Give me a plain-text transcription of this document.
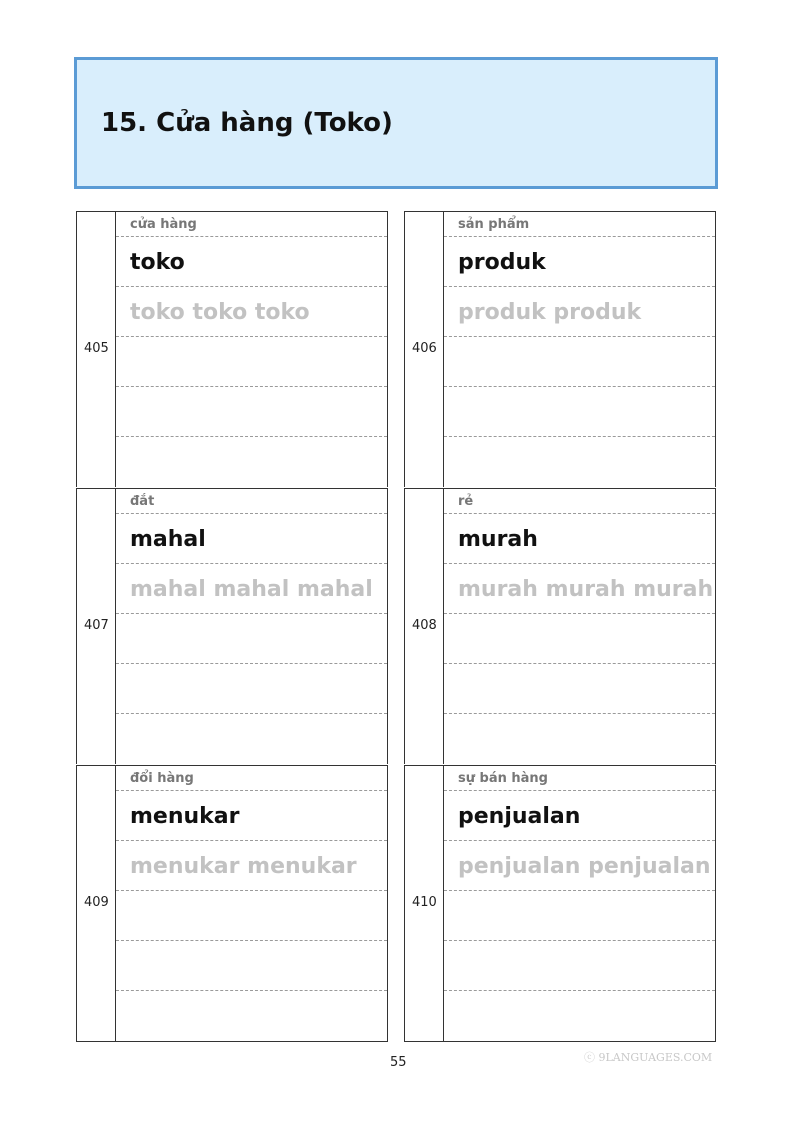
15. Cửa hàng (Toko)
405
cửa hàng
toko
toko toko toko
406
sản phẩm
produk
produk produk
407
đắt
mahal
mahal mahal mahal
408
rẻ
murah
murah murah murah
409
đổi hàng
menukar
menukar menukar
410
sự bán hàng
penjualan
penjualan penjualan
55	ⓒ 9LANGUAGES.COM
